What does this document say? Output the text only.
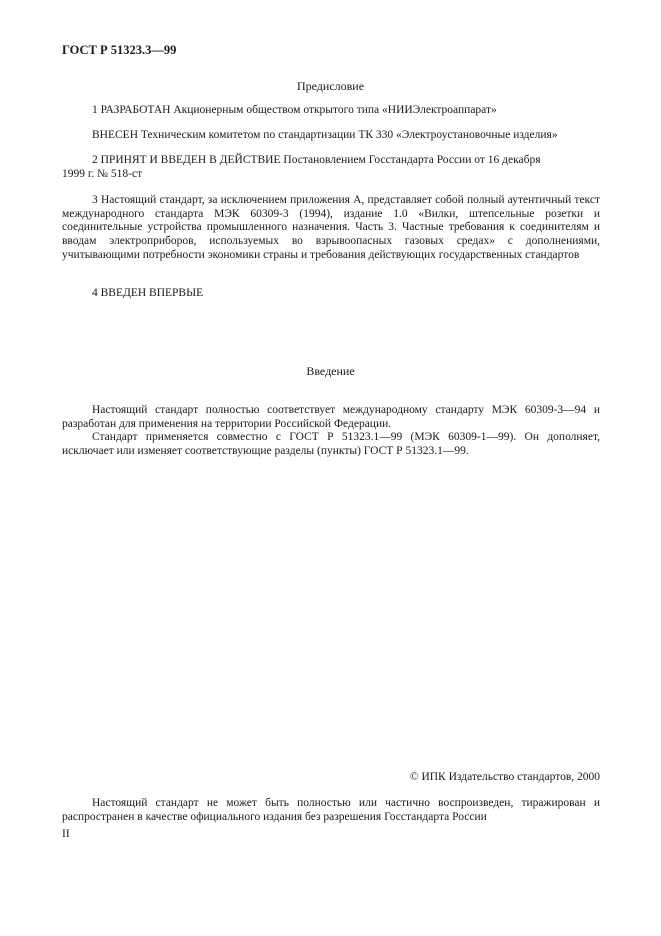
ГОСТ Р 51323.3—99
Предисловие

1 РАЗРАБОТАН Акционерным обществом открытого типа «НИИЭлектроаппарат»

ВНЕСЕН Техническим комитетом по стандартизации ТК 330 «Электроустановочные изделия»

2 ПРИНЯТ И ВВЕДЕН В ДЕЙСТВИЕ Постановлением Госстандарта России от 16 декабря

1999 г. № 518-ст

3 Настоящий стандарт, за исключением приложения А, представляет собой полный аутентичный текст международного стандарта МЭК 60309-3 (1994), издание 1.0 «Вилки, штепсельные розетки и соединительные устройства промышленного назначения. Часть 3. Частные требования к соединителям и вводам электроприборов, используемых во взрывоопасных газовых средах» с дополнениями, учитывающими потребности экономики страны и требования действующих государственных стандартов

4 ВВЕДЕН ВПЕРВЫЕ

Введение

Настоящий стандарт полностью соответствует международному стандарту МЭК 60309-3—94 и разработан для применения на территории Российской Федерации.

Стандарт применяется совместно с ГОСТ Р 51323.1—99 (МЭК 60309-1—99). Он дополняет, исключает или изменяет соответствующие разделы (пункты) ГОСТ Р 51323.1—99.

© ИПК Издательство стандартов, 2000

Настоящий стандарт не может быть полностью или частично воспроизведен, тиражирован и распространен в качестве официального издания без разрешения Госстандарта России

II
